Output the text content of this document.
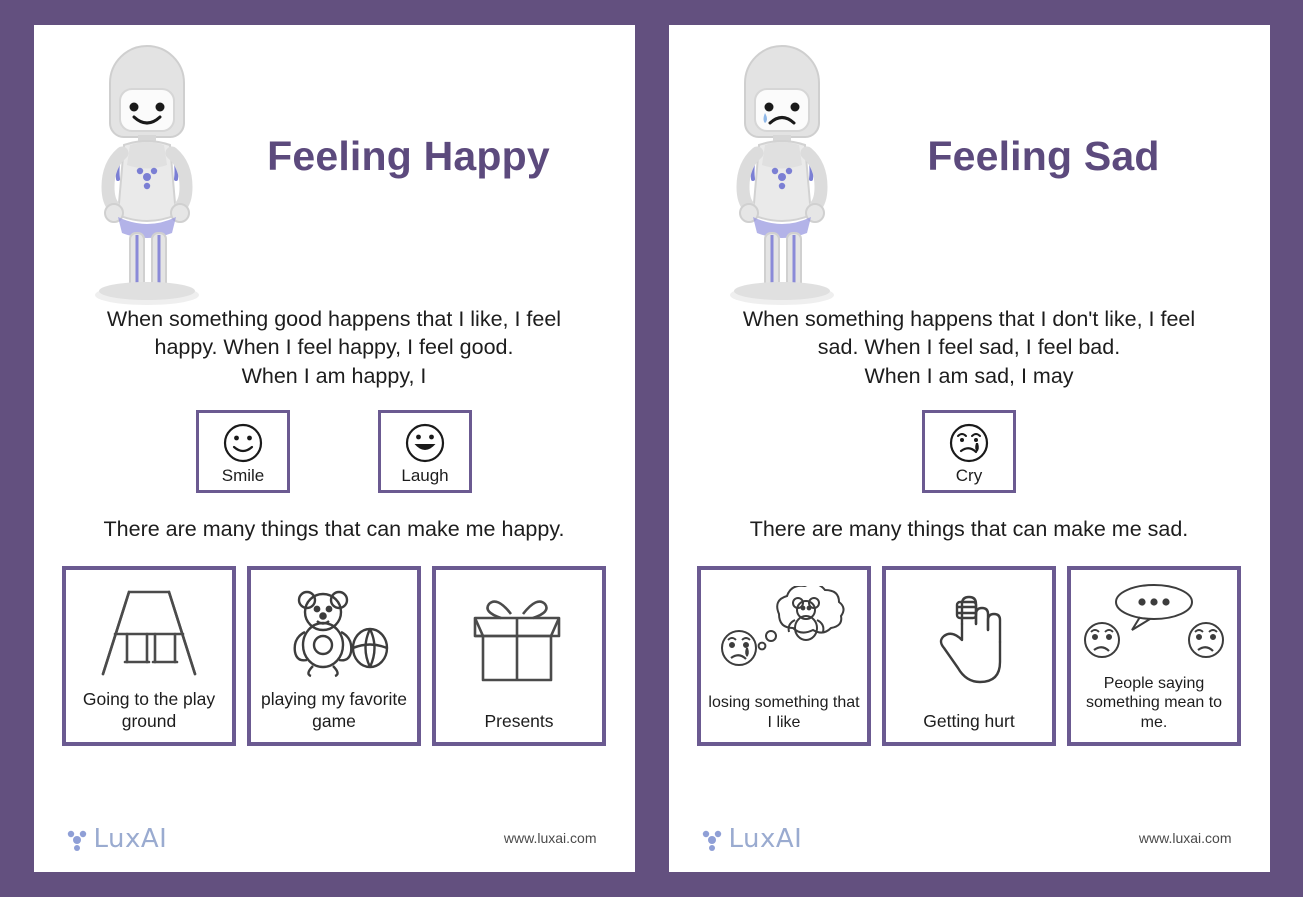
Feeling Happy
When something good happens that I like, I feel
happy. When I feel happy, I feel good.
When I am happy, I
Smile	Laugh
There are many things that can make me happy.
Going to the play ground
playing my favorite game	Presents
LuxAI	www.luxai.com
Feeling Sad
When something happens that I don't like, I feel
sad. When I feel sad, I feel bad.
When I am sad, I may
Cry
There are many things that can make me sad.
losing something that I like	Getting hurt
People saying something mean to me.
LuxAI	www.luxai.com
